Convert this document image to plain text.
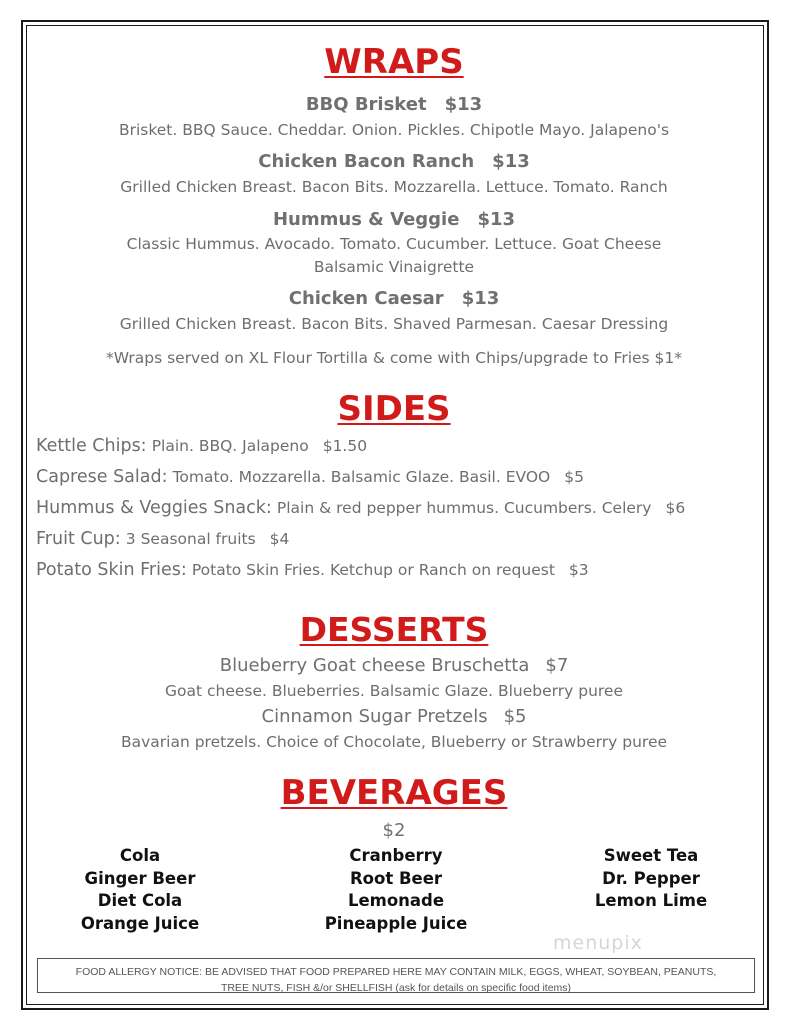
WRAPS

BBQ Brisket $13

Brisket. BBQ Sauce. Cheddar. Onion. Pickles. Chipotle Mayo. Jalapeno's

Chicken Bacon Ranch $13

Grilled Chicken Breast. Bacon Bits. Mozzarella. Lettuce. Tomato. Ranch

Hummus & Veggie $13

Classic Hummus. Avocado. Tomato. Cucumber. Lettuce. Goat Cheese

Balsamic Vinaigrette

Chicken Caesar $13

Grilled Chicken Breast. Bacon Bits. Shaved Parmesan. Caesar Dressing

*Wraps served on XL Flour Tortilla & come with Chips/upgrade to Fries $1*

SIDES

Kettle Chips: Plain. BBQ. Jalapeno $1.50

Caprese Salad: Tomato. Mozzarella. Balsamic Glaze. Basil. EVOO $5

Hummus & Veggies Snack: Plain & red pepper hummus. Cucumbers. Celery $6

Fruit Cup: 3 Seasonal fruits $4

Potato Skin Fries: Potato Skin Fries. Ketchup or Ranch on request $3

DESSERTS

Blueberry Goat cheese Bruschetta $7

Goat cheese. Blueberries. Balsamic Glaze. Blueberry puree

Cinnamon Sugar Pretzels $5

Bavarian pretzels. Choice of Chocolate, Blueberry or Strawberry puree

BEVERAGES

$2

Cola

Ginger Beer

Diet Cola

Orange Juice

Cranberry

Root Beer

Lemonade

Pineapple Juice

Sweet Tea

Dr. Pepper

Lemon Lime

menupix

FOOD ALLERGY NOTICE: BE ADVISED THAT FOOD PREPARED HERE MAY CONTAIN MILK, EGGS, WHEAT, SOYBEAN, PEANUTS,

TREE NUTS, FISH &/or SHELLFISH (ask for details on specific food items)
